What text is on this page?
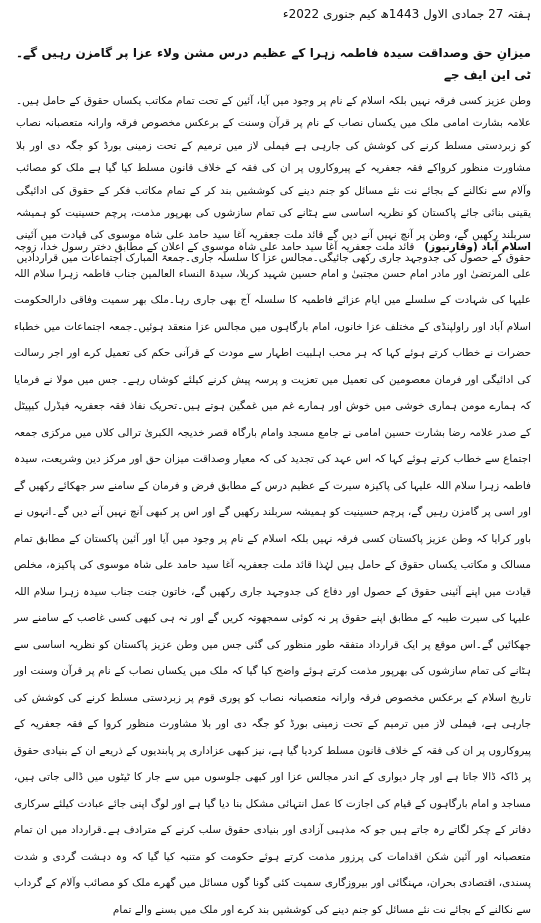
ہفتہ 27 جمادی الاول 1443ھ کیم جنوری 2022ء
میزانِ حق وصداقت سیدہ فاطمہ زہرا کے عظیم درس مشن ولاء عزا پر گامزن رہیں گے۔ٹی این ایف جے

وطن عزیز کسی فرقہ نہیں بلکہ اسلام کے نام پر وجود میں آیا، آئین کے تحت تمام مکاتب یکساں حقوق کے حامل ہیں۔علامہ بشارت امامی ملک میں یکساں نصاب کے نام پر قرآن وسنت کے برعکس مخصوص فرقہ وارانہ متعصبانہ نصاب کو زبردستی مسلط کرنے کی کوشش کی جارہی ہے فیملی لاز میں ترمیم کے تحت زمینی بورڈ کو جگہ دی اور بلا مشاورت منظور کرواکے فقہ جعفریہ کے پیروکاروں پر ان کی فقہ کے خلاف قانون مسلط کیا گیا ہے ملک کو مصائب وآلام سے نکالنے کے بجائے نت نئے مسائل کو جنم دینے کی کوششیں بند کر کے تمام مکاتب فکر کے حقوق کی ادائیگی یقینی بنائی جائے پاکستان کو نظریہ اساسی سے ہٹانے کی تمام سازشوں کی بھرپور مذمت، پرچم حسینیت کو ہمیشہ سربلند رکھیں گے، وطن پر آنچ نہیں آنے دیں گے قائد ملت جعفریہ آغا سید حامد علی شاہ موسوی کی قیادت میں آئینی حقوق کے حصول کی جدوجہد جاری رکھی جائیگی۔مجالس عزا کا سلسلہ جاری۔جمعۃ المبارک اجتماعات میں قراردادیں

اسلام آباد (وقارنیوز)   قائد ملت جعفریہ آغا سید حامد علی شاہ موسوی کے اعلان کے مطابق دختر رسول خدا، زوجہ علی المرتضیٰ اور مادر امام حسن مجتبیٰ و امام حسین شہید کربلا، سیدۃ النساء العالمین جناب فاطمہ زہرا سلام اللہ علیہا کی شہادت کے سلسلے میں ایام عزائے فاطمیہ کا سلسلہ آج بھی جاری رہا۔ملک بھر سمیت وفاقی دارالحکومت اسلام آباد اور راولپنڈی کے مختلف عزا خانوں، امام بارگاہوں میں مجالس عزا منعقد ہوئیں۔جمعہ اجتماعات میں خطباء حضرات نے خطاب کرتے ہوئے کہا کہ ہر محب اہلبیت اطہار سے مودت کے قرآنی حکم کی تعمیل کرے اور اجر رسالت کی ادائیگی اور فرمان معصومین کی تعمیل میں تعزیت و پرسہ پیش کرنے کیلئے کوشاں رہے۔ جس میں مولا نے فرمایا کہ ہمارے مومن ہماری خوشی میں خوش اور ہمارے غم میں غمگین ہوتے ہیں۔تحریک نفاذ فقہ جعفریہ فیڈرل کیپیٹل کے صدر علامہ رضا بشارت حسین امامی نے جامع مسجد وامام بارگاہ قصر خدیجہ الکبریٰ ترالی کلاں میں مرکزی جمعہ اجتماع سے خطاب کرتے ہوئے کہا کہ اس عہد کی تجدید کی کہ معیار وصداقت میزان حق اور مرکز دین وشریعت، سیدہ فاطمہ زہرا سلام اللہ علیہا کی پاکیزہ سیرت کے عظیم درس کے مطابق فرض و فرمان کے سامنے سر جھکائے رکھیں گے اور اسی پر گامزن رہیں گے، پرچم حسینیت کو ہمیشہ سربلند رکھیں گے اور اس پر کبھی آنچ نہیں آنے دیں گے۔انہوں نے باور کرایا کہ وطن عزیز پاکستان کسی فرقہ نہیں بلکہ اسلام کے نام پر وجود میں آیا اور آئین پاکستان کے مطابق تمام مسالک و مکاتب یکساں حقوق کے حامل ہیں لہٰذا قائد ملت جعفریہ آغا سید حامد علی شاہ موسوی کی پاکیزہ، مخلص قیادت میں اپنے آئینی حقوق کے حصول اور دفاع کی جدوجہد جاری رکھیں گے، خاتون جنت جناب سیدہ زہرا سلام اللہ علیہا کی سیرت طیبہ کے مطابق اپنے حقوق پر نہ کوئی سمجھوتہ کریں گے اور نہ ہی کبھی کسی غاصب کے سامنے سر جھکائیں گے۔اس موقع پر ایک قرارداد متفقہ طور منظور کی گئی جس میں وطن عزیز پاکستان کو نظریہ اساسی سے ہٹانے کی تمام سازشوں کی بھرپور مذمت کرتے ہوئے واضح کیا گیا کہ ملک میں یکساں نصاب کے نام پر قرآن وسنت اور تاریخ اسلام کے برعکس مخصوص فرقہ وارانہ متعصبانہ نصاب کو پوری قوم پر زبردستی مسلط کرنے کی کوشش کی جارہی ہے، فیملی لاز میں ترمیم کے تحت زمینی بورڈ کو جگہ دی اور بلا مشاورت منظور کروا کے فقہ جعفریہ کے پیروکاروں پر ان کی فقہ کے خلاف قانون مسلط کردیا گیا ہے، نیز کبھی عزاداری پر پابندیوں کے ذریعے ان کے بنیادی حقوق پر ڈاکہ ڈالا جاتا ہے اور چار دیواری کے اندر مجالس عزا اور کبھی جلوسوں میں سے جار کا ٹیٹوں میں ڈالی جاتی ہیں، مساجد و امام بارگاہوں کے قیام کی اجازت کا عمل انتہائی مشکل بنا دیا گیا ہے اور لوگ اپنی جائے عبادت کیلئے سرکاری دفاتر کے چکر لگاتے رہ جاتے ہیں جو کہ مذہبی آزادی اور بنیادی حقوق سلب کرنے کے مترادف ہے۔قرارداد میں ان تمام متعصبانہ اور آئین شکن اقدامات کی پرزور مذمت کرتے ہوئے حکومت کو متنبہ کیا گیا کہ وہ دہشت گردی و شدت پسندی، اقتصادی بحران، مہنگائی اور بیروزگاری سمیت کئی گونا گوں مسائل میں گھرے ملک کو مصائب وآلام کے گرداب سے نکالنے کے بجائے نت نئے مسائل کو جنم دینے کی کوششیں بند کرے اور ملک میں بسنے والے تمام
